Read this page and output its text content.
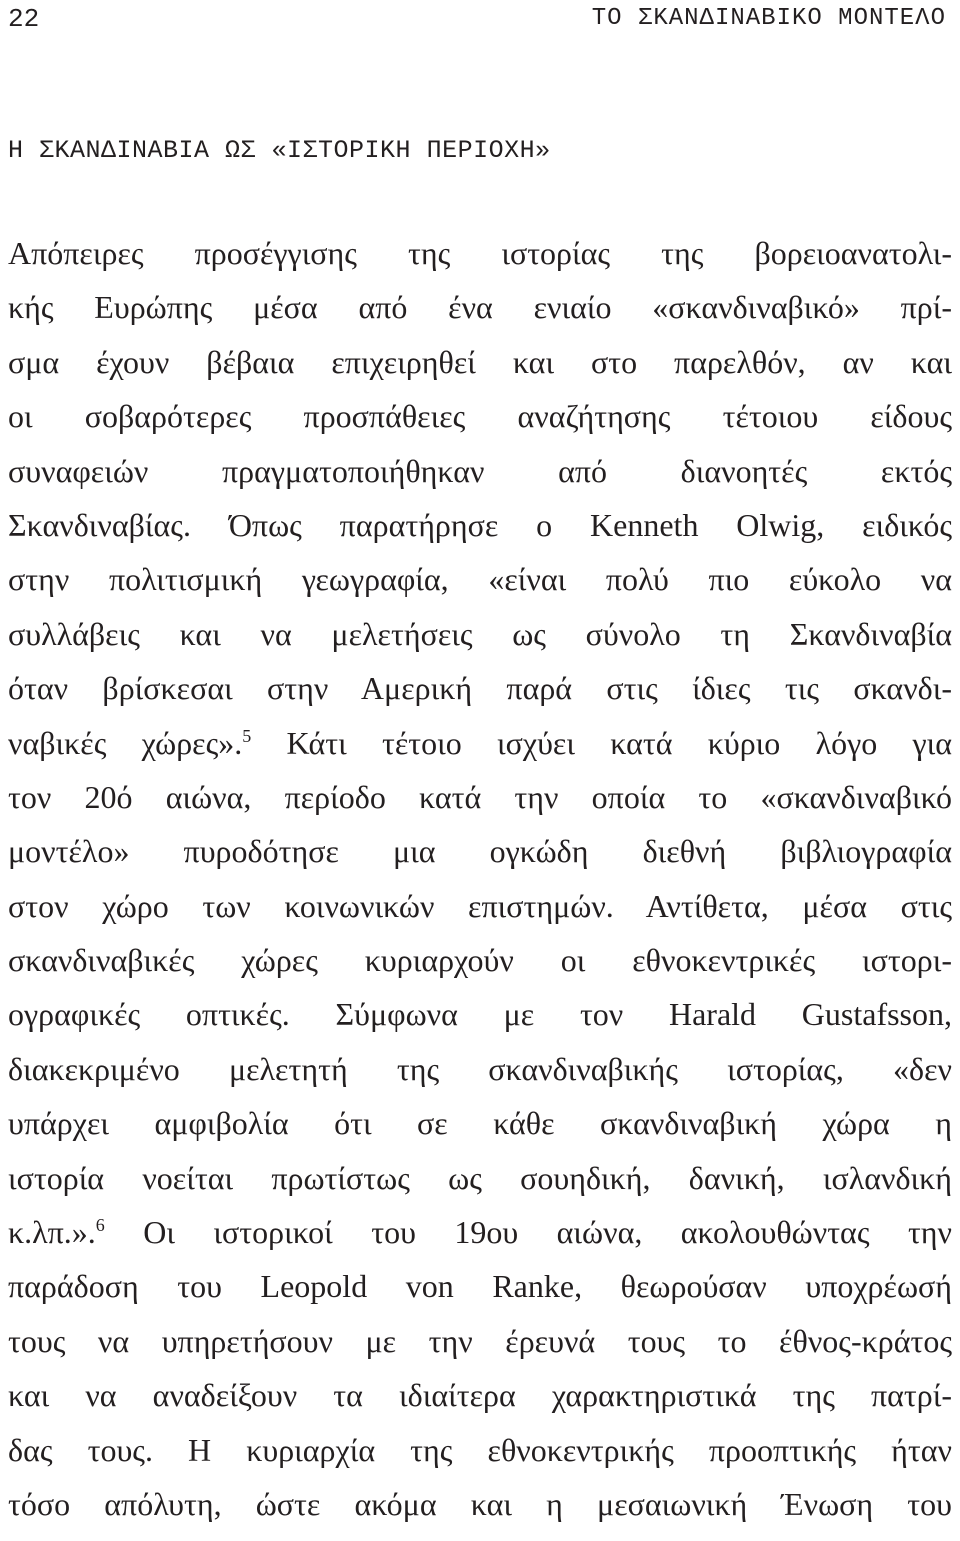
22	ΤΟ ΣΚΑΝΔΙΝΑΒΙΚΟ ΜΟΝΤΕΛΟ
Η ΣΚΑΝΔΙΝΑΒΙΑ ΩΣ «ΙΣΤΟΡΙΚΗ ΠΕΡΙΟΧΗ»
Απόπειρες προσέγγισης της ιστορίας της βορειοανατολι-
κής Ευρώπης μέσα από ένα ενιαίο «σκανδιναβικό» πρί-
σμα έχουν βέβαια επιχειρηθεί και στο παρελθόν, αν και
οι σοβαρότερες προσπάθειες αναζήτησης τέτοιου είδους
συναφειών πραγματοποιήθηκαν από διανοητές εκτός
Σκανδιναβίας. Όπως παρατήρησε ο Kenneth Olwig, ειδικός
στην πολιτισμική γεωγραφία, «είναι πολύ πιο εύκολο να
συλλάβεις και να μελετήσεις ως σύνολο τη Σκανδιναβία
όταν βρίσκεσαι στην Αμερική παρά στις ίδιες τις σκανδι-
ναβικές χώρες».$^5$ Κάτι τέτοιο ισχύει κατά κύριο λόγο για
τον 20ό αιώνα, περίοδο κατά την οποία το «σκανδιναβικό
μοντέλο» πυροδότησε μια ογκώδη διεθνή βιβλιογραφία
στον χώρο των κοινωνικών επιστημών. Αντίθετα, μέσα στις
σκανδιναβικές χώρες κυριαρχούν οι εθνοκεντρικές ιστορι-
ογραφικές οπτικές. Σύμφωνα με τον Harald Gustafsson,
διακεκριμένο μελετητή της σκανδιναβικής ιστορίας, «δεν
υπάρχει αμφιβολία ότι σε κάθε σκανδιναβική χώρα η
ιστορία νοείται πρωτίστως ως σουηδική, δανική, ισλανδική
κ.λπ.».$^6$ Οι ιστορικοί του 19ου αιώνα, ακολουθώντας την
παράδοση του Leopold von Ranke, θεωρούσαν υποχρέωσή
τους να υπηρετήσουν με την έρευνά τους το έθνος-κράτος
και να αναδείξουν τα ιδιαίτερα χαρακτηριστικά της πατρί-
δας τους. Η κυριαρχία της εθνοκεντρικής προοπτικής ήταν
τόσο απόλυτη, ώστε ακόμα και η μεσαιωνική Ένωση του
